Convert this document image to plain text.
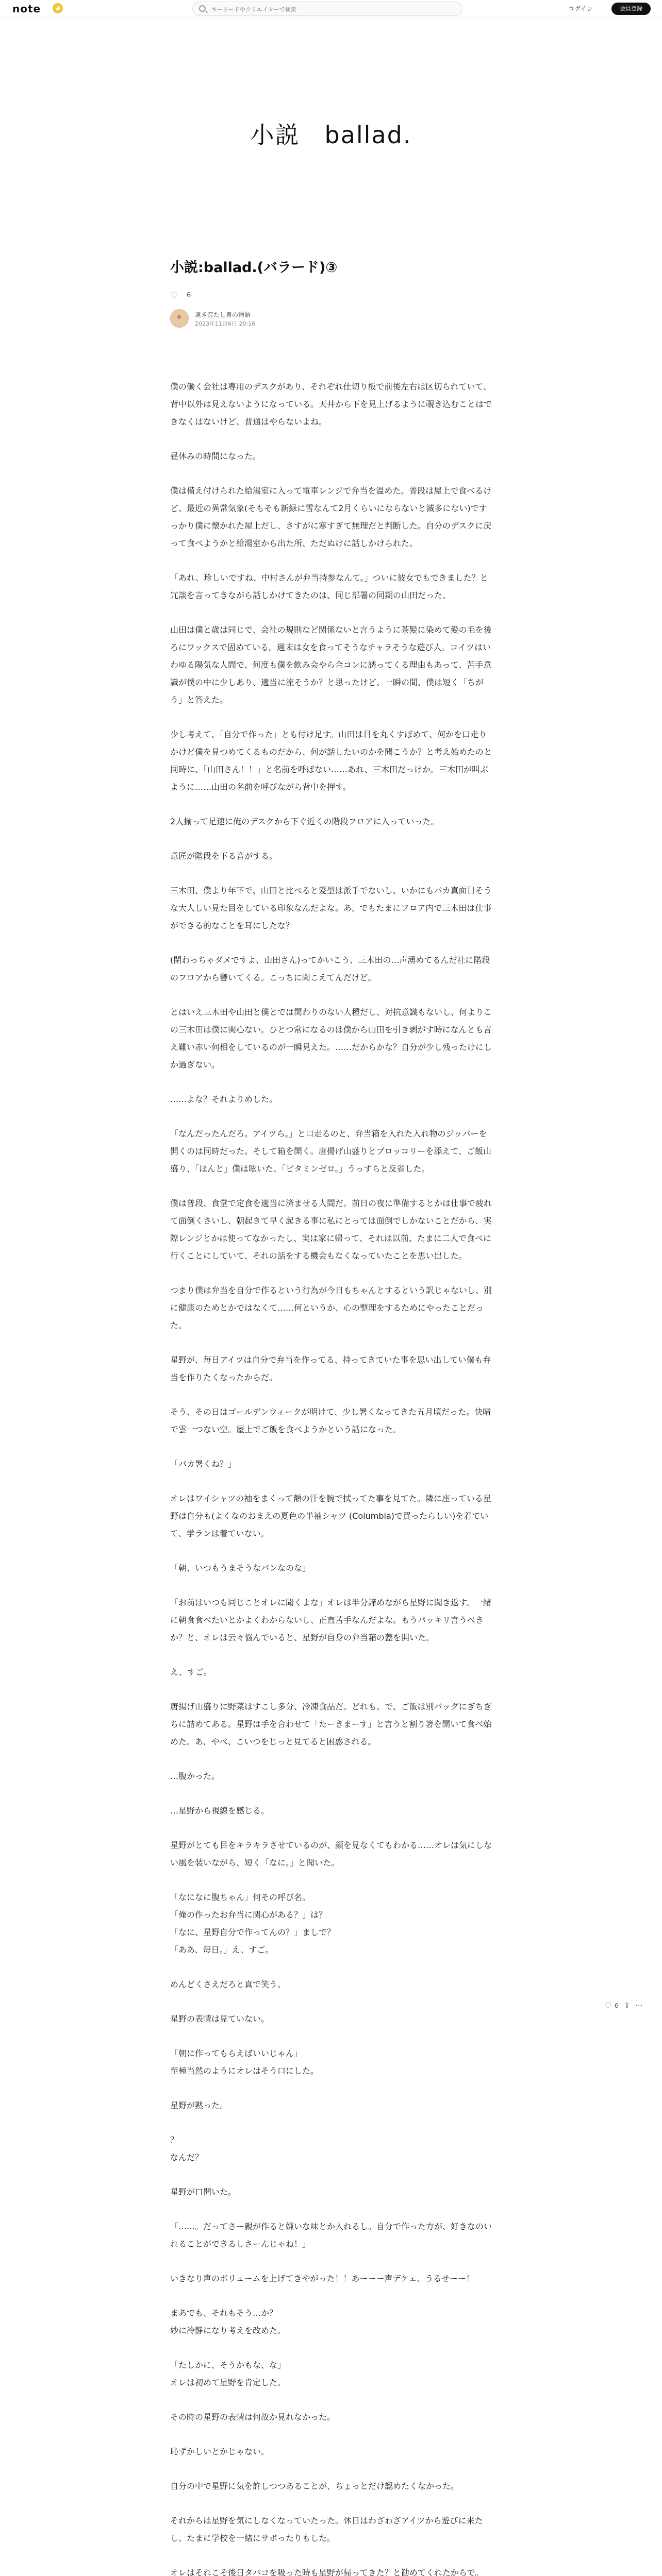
note	◕
キーワードやクリエイターで検索	ログイン	会員登録
小説　ballad.
小説:ballad.(バラード)③
♡ 6
♦
遠き音たし書の物語
2023年11月6日 20:16

僕の働く会社は専用のデスクがあり、それぞれ仕切り板で前後左右は区切られていて、背中以外は見えないようになっている。天井から下を見上げるように覗き込むことはできなくはないけど、普通はやらないよね。

昼休みの時間になった。

僕は備え付けられた給湯室に入って電車レンジで弁当を温めた。普段は屋上で食べるけど、最近の異常気象(そもそも新緑に雪なんて2月くらいにならないと滅多にない)ですっかり僕に懐かれた屋上だし、さすがに寒すぎて無理だと判断した。自分のデスクに戻って食べようかと給湯室から出た所、ただぬけに話しかけられた。

「あれ、珍しいですね、中村さんが弁当持参なんて。」ついに彼女でもできました？と冗談を言ってきながら話しかけてきたのは、同じ部署の同期の山田だった。

山田は僕と歳は同じで、会社の規則など関係ないと言うように茶髪に染めて髪の毛を後ろにワックスで固めている。週末は女を食ってそうなチャラそうな遊び人。コイツはいわゆる陽気な人間で、何度も僕を飲み会やら合コンに誘ってくる理由もあって、苦手意識が僕の中に少しあり、適当に流そうか？と思ったけど、一瞬の間、僕は短く「ちがう」と答えた。

少し考えて、「自分で作った」とも付け足す。山田は目を丸くすぼめて、何かを口走りかけど僕を見つめてくるものだから、何が話したいのかを聞こうか？と考え始めたのと同時に、「山田さん！！」と名前を呼ばない……あれ、三木田だっけか。三木田が叫ぶように……山田の名前を呼びながら背中を押す。

2人揃って足速に俺のデスクから下ぐ近くの階段フロアに入っていった。

意匠が階段を下る音がする。

三木田、僕より年下で、山田と比べると髪型は派手でないし、いかにもパカ真面目そうな大人しい見た目をしている印象なんだよな。あ、でもたまにフロア内で三木田は仕事ができる的なことを耳にしたな？

(閉わっちゃダメですよ、山田さん)ってかいこう、三木田の…声湧めてるんだ社に階段のフロアから響いてくる。こっちに聞こえてんだけど。

とはいえ三木田や山田と僕とでは関わりのない人種だし、対抗意識もないし、何よりこの三木田は僕に関心ない。ひとつ常になるのは僕から山田を引き剥がす時になんとも言え難い赤い何相をしているのが一瞬見えた。……だからかな？自分が少し残ったけにしか過ぎない。

……よな？それよりめした。

「なんだったんだろ。アイツら。」と口走るのと、弁当箱を入れた入れ物のジッパーを開くのは同時だった。そして箱を開く。唐揚げ山盛りとブロッコリーを添えて、ご飯山盛り、「ほんと」僕は呟いた、「ビタミンゼロ。」うっすらと反省した。

僕は普段、食堂で定食を適当に済ませる人間だ。前日の夜に準備するとかは仕事で疲れて面倒くさいし、朝起きて早く起きる事に私にとっては面倒でしかないことだから、実際レンジとかは使ってなかったし、実は家に帰って、それは以前、たまに二人で食べに行くことにしていて、それの話をする機会もなくなっていたことを思い出した。

つまり僕は弁当を自分で作るという行為が今日もちゃんとするという訳じゃないし、別に健康のためとかではなくて……何というか、心の整理をするためにやったことだった。

星野が、毎日アイツは自分で弁当を作ってる、持ってきていた事を思い出してい僕も弁当を作りたくなったからだ。

そう、その日はゴールデンウィークが明けて、少し暑くなってきた五月頃だった。快晴で雲一つない空。屋上でご飯を食べようかという話になった。

「パカ暑くね？」

オレはワイシャツの袖をまくって額の汗を腕で拭ってた事を見てた。隣に座っている星野は自分も(よくなのおまえの夏色の半袖シャツ (Columbia)で買ったらしい)を着ていて、学ランは着ていない。

「朝、いつもうまそうなパンなのな」

「お前はいつも同じことオレに聞くよな」オレは半分諦めながら星野に聞き返す。一緒に朝食食べたいとかよくわからないし、正直苦手なんだよな。もうパッキリ言うべきか？と、オレは云々悩んでいると、星野が自身の弁当箱の蓋を開いた。

え、すご。

唐揚げ山盛りに野菜はすこし多分、冷凍食品だ。どれも。で、ご飯は別バッグにぎちぎちに詰めてある。星野は手を合わせて「たーきまーす」と言うと割り箸を開いて食べ始めた。あ、やべ、こいつをじっと見てると困惑される。

…腹かった。

…星野から視線を感じる。

星野がとても目をキラキラさせているのが、顔を見なくてもわかる……オレは気にしない風を装いながら、短く「なに。」と聞いた。

「なになに腹ちゃん」何その呼び名。
「俺の作ったお弁当に関心がある？」は？
「なに、星野自分で作ってんの？」ましで？
「ああ、毎日。」え、すご。

めんどくさえだろと真で笑う。

星野の表情は見ていない。

「朝に作ってもらえばいいじゃん」
至極当然のようにオレはそう口にした。

星野が黙った。

？
なんだ？

星野が口開いた。

「……。だってさー親が作ると嫌いな味とか入れるし。自分で作った方が、好きなのいれることができるしさーんじゃね！」

いきなり声のボリュームを上げてきやがった！！あーーー声デケェ、うるせーー！

まあでも、それもそう…か？
妙に冷静になり考えを改めた。

「たしかに、そうかもな、な」
オレは初めて星野を肯定した。

その時の星野の表情は何故か見れなかった。

恥ずかしいとかじゃない。

自分の中で星野に気を許しつつあることが、ちょっとだけ認めたくなかった。

それからは星野を気にしなくなっていたった。休日はわざわざアイツから遊びに来たし、たまに学校を一緒にサボったりもした。

オレはそれこそ後日タバコを吸った時も星野が帰ってきた？と勧めてくれたからで。

♡ 6 ⇪ ⋯
